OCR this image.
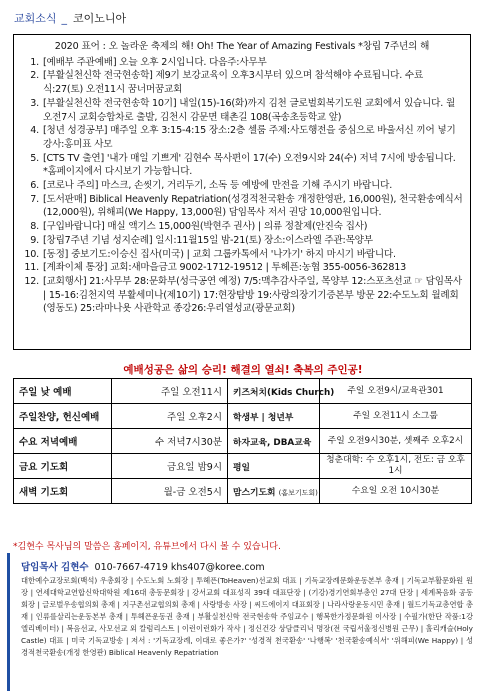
교회소식 _ 코이노니아
2020 표어 : 오 놀라운 축제의 해! Oh! The Year of Amazing Festivals *창립 7주년의 해
1. [예배부 주관예배] 오늘 오후 2시입니다. 다음주:사무부
2. [부활실천신학 전국현송학] 제9기 보강교육이 오후3시부터 있으며 참석해야 수료됩니다. 수료식:27(토) 오전11시 꿈너머꿈교회
3. [부활실천신학 전국현송학 10기] 내일(15)-16(화)까지 김천 글로벌회복기도원 교회에서 있습니다. 월 오전7시 교회승합차로 출발, 김천시 감문면 태촌길 108(곡송초등학교 앞)
4. [청년 성경공부] 매주일 오후 3:15-4:15 장소:2층 셀룸 주제:사도행전을 중심으로 바울서신 끼어 넣기 강사:홍미표 사모
5. [CTS TV 출연] '내가 매일 기쁘게' 김현수 목사편이 17(수) 오전9시와 24(수) 저녁 7시에 방송됩니다. *홈페이지에서 다시보기 가능합니다.
6. [코로나 주의] 마스크, 손씻기, 거리두기, 소독 등 예방에 만전을 기해 주시기 바랍니다.
7. [도서판매] Biblical Heavenly Repatriation(성경적천국환송 개정한영판, 16,000원), 천국환송예식서(12,000원), 위해피(We Happy, 13,000원) 담임목사 저서 권당 10,000원입니다.
8. [구입바랍니다] 매실 액기스 15,000원(박현주 권사) | 의류 정찰제(안진숙 집사)
9. [창립7주년 기념 성지순례] 일시:11월15일 밤-21(토) 장소:이스라엘 주관:목양부
10. [동정] 중보기도:이승신 집사(미국) | 교회 그룹카톡에서 '나가기' 하지 마시기 바랍니다.
11. [계좌이체 통장] 교회:새마을금고 9002-1712-19512 | 투헤픈:농협 355-0056-362813
12. [교회행사] 21:사무부 28:문화부(성극공연 예정) 7/5:맥추감사주일, 목양부 12:스포츠선교 ☞ 담임목사 | 15-16:김천지역 부활세미나(제10기) 17:현장탐방 19:사랑의장기기증본부 방문 22:수도노회 월례회(영동도) 25:라마나욧 사관학교 종강26:우리열성교(광문교회)
예배성공은 삶의 승리! 해결의 열쇠! 축복의 주인공!
주일 낮 예배	주일 오전11시	키즈처치(Kids Church)	주일 오전9시/교육관301
주일찬양, 헌신예배	주일 오후2시	학생부 | 청년부	주일 오전11시 소그룹
수요 저녁예배	수 저녁7시30분	하자교육, DBA교육	주일 오전9시30분, 셋째주 오후2시
금요 기도회	금요일 밤9시	평일	청춘대학: 수 오후1시, 전도: 금 오후1시
새벽 기도회	월-금 오전5시	맘스기도회 (홈보기도회)	수요일 오전 10시30분
*김현수 목사님의 말씀은 홈페이지, 유튜브에서 다시 볼 수 있습니다.
담임목사 김현수 010-7667-4719 khs407@koree.com
대한예수교장로회(백석) 우총회장 | 수도노회 노회장 | 투헤픈(ToHeaven)선교회 대표 | 기독교장례문화운동본부 총재 | 기독교부활문화원 원장 | 연세대학교연합신학대학원 제16대 총동문회장 | 강서교회 대표성직 39대 대표단장 | (기강)경기연회부총인 27대 단장 | 세계복음화 공동회장 | 글로벌우송협의회 총재 | 지구촌선교협의회 총재 | 사랑방송 사장 | 씨드에이지 대표회장 | 나라사랑운동시민 총재 | 월드기독교총연합 총재 | 인류를살리는운동본부 총재 | 투헤픈운동권 총재 | 부활실천신학 전국현송학 주임교수 | 행복한가정문화원 이사장 | 수필가(한단 작품:1강 엘리베이터) | 복음선교, 사모선교 외 칼럼리스트 | 이런이런화가 작사 | 정신건강 상담클리닉 명장(전 국립서울정신병원 근무) | 홀리캐슬(Holy Castle) 대표 | 미국 기독교방송 | 저서 : '기독교장례, 이대로 좋은가?' '성경적 천국환송' '나행복' '천국환송예식서' '위해피(We Happy) | 성경적천국환송(개정 한영판) Biblical Heavenly Repatriation
